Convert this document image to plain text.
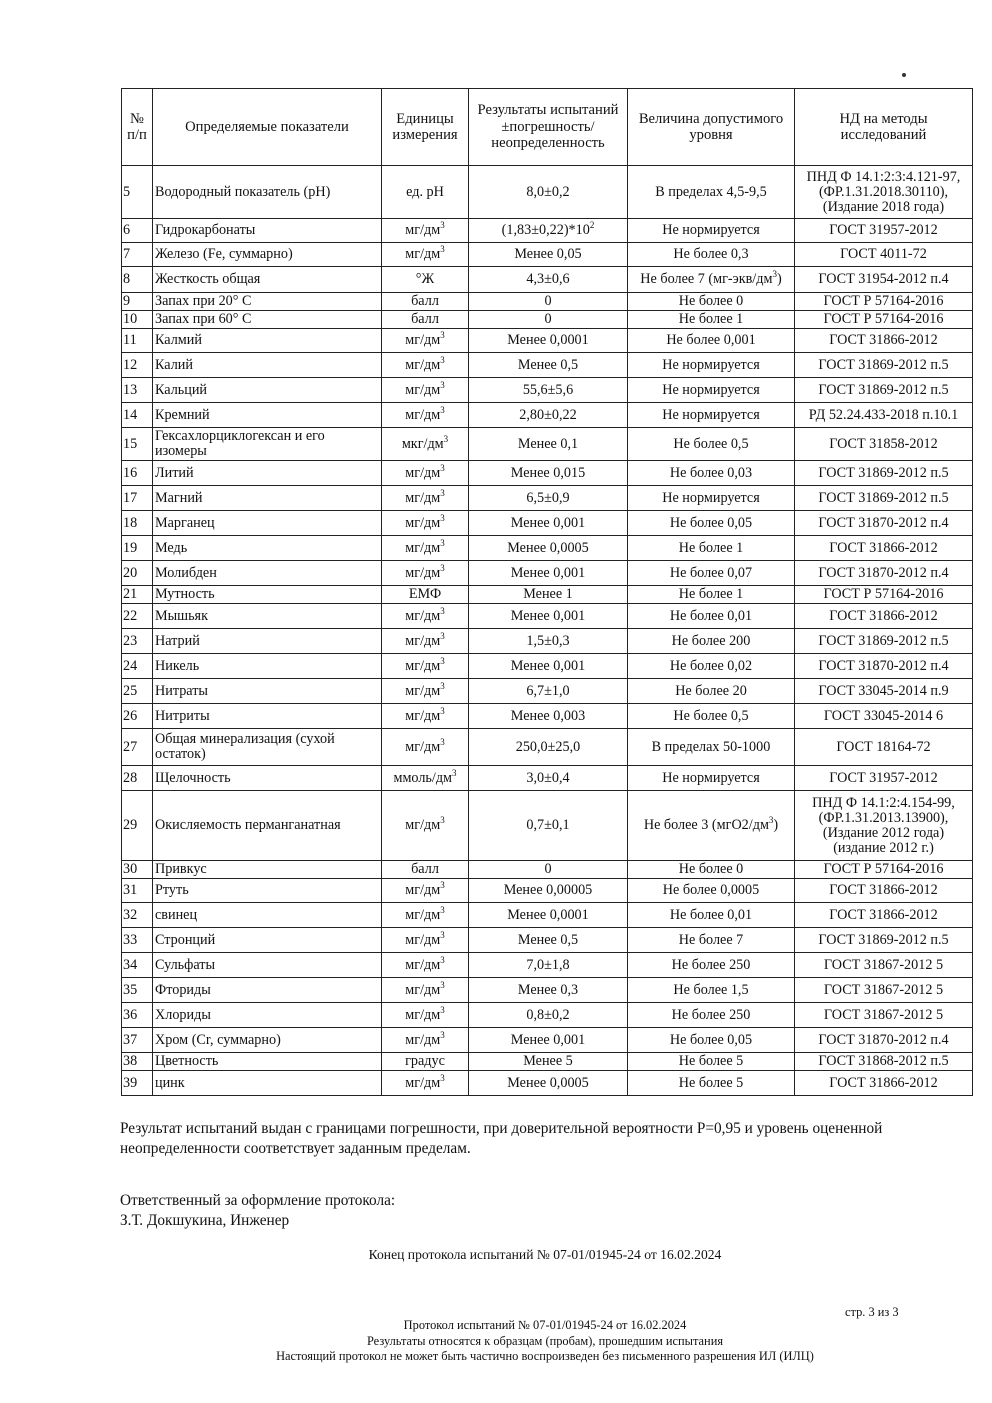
№ п/п	Определяемые показатели	Единицы измерения	Результаты испытаний ±погрешность/ неопределенность	Величина допустимого уровня	НД на методы исследований
5	Водородный показатель (pH)	ед. pH	8,0±0,2	В пределах 4,5-9,5	ПНД Ф 14.1:2:3:4.121-97, (ФР.1.31.2018.30110), (Издание 2018 года)
6	Гидрокарбонаты	$мг/дм^3$	$(1,83\pm 0,22)*10^2$	Не нормируется	ГОСТ 31957-2012
7	Железо (Fe, суммарно)	$мг/дм^3$	Менее 0,05	Не более 0,3	ГОСТ 4011-72
8	Жесткость общая	°Ж	4,3±0,6	Не более 7 $(мг-экв/дм^3)$	ГОСТ 31954-2012 п.4
9	Запах при 20° С	балл	0	Не более 0	ГОСТ Р 57164-2016
10	Запах при 60° С	балл	0	Не более 1	ГОСТ Р 57164-2016
11	Калмий	$мг/дм^3$	Менее 0,0001	Не более 0,001	ГОСТ 31866-2012
12	Калий	$мг/дм^3$	Менее 0,5	Не нормируется	ГОСТ 31869-2012 п.5
13	Кальций	$мг/дм^3$	55,6±5,6	Не нормируется	ГОСТ 31869-2012 п.5
14	Кремний	$мг/дм^3$	2,80±0,22	Не нормируется	РД 52.24.433-2018 п.10.1
15	Гексахлорциклогексан и его изомеры	мкг/$дм^3$	Менее 0,1	Не более 0,5	ГОСТ 31858-2012
16	Литий	$мг/дм^3$	Менее 0,015	Не более 0,03	ГОСТ 31869-2012 п.5
17	Магний	$мг/дм^3$	6,5±0,9	Не нормируется	ГОСТ 31869-2012 п.5
18	Марганец	$мг/дм^3$	Менее 0,001	Не более 0,05	ГОСТ 31870-2012 п.4
19	Медь	$мг/дм^3$	Менее 0,0005	Не более 1	ГОСТ 31866-2012
20	Молибден	$мг/дм^3$	Менее 0,001	Не более 0,07	ГОСТ 31870-2012 п.4
21	Мутность	ЕМФ	Менее 1	Не более 1	ГОСТ Р 57164-2016
22	Мышьяк	$мг/дм^3$	Менее 0,001	Не более 0,01	ГОСТ 31866-2012
23	Натрий	$мг/дм^3$	1,5±0,3	Не более 200	ГОСТ 31869-2012 п.5
24	Никель	$мг/дм^3$	Менее 0,001	Не более 0,02	ГОСТ 31870-2012 п.4
25	Нитраты	$мг/дм^3$	6,7±1,0	Не более 20	ГОСТ 33045-2014 п.9
26	Нитриты	$мг/дм^3$	Менее 0,003	Не более 0,5	ГОСТ 33045-2014 6
27	Общая минерализация (сухой остаток)	$мг/дм^3$	250,0±25,0	В пределах 50-1000	ГОСТ 18164-72
28	Щелочность	ммоль/$дм^3$	3,0±0,4	Не нормируется	ГОСТ 31957-2012
29	Окисляемость перманганатная	$мг/дм^3$	0,7±0,1	Не более 3 $(мгО2/дм^3)$	ПНД Ф 14.1:2:4.154-99, (ФР.1.31.2013.13900), (Издание 2012 года) (издание 2012 г.)
30	Привкус	балл	0	Не более 0	ГОСТ Р 57164-2016
31	Ртуть	$мг/дм^3$	Менее 0,00005	Не более 0,0005	ГОСТ 31866-2012
32	свинец	$мг/дм^3$	Менее 0,0001	Не более 0,01	ГОСТ 31866-2012
33	Стронций	$мг/дм^3$	Менее 0,5	Не более 7	ГОСТ 31869-2012 п.5
34	Сульфаты	$мг/дм^3$	7,0±1,8	Не более 250	ГОСТ 31867-2012 5
35	Фториды	$мг/дм^3$	Менее 0,3	Не более 1,5	ГОСТ 31867-2012 5
36	Хлориды	$мг/дм^3$	0,8±0,2	Не более 250	ГОСТ 31867-2012 5
37	Хром (Cr, суммарно)	$мг/дм^3$	Менее 0,001	Не более 0,05	ГОСТ 31870-2012 п.4
38	Цветность	градус	Менее 5	Не более 5	ГОСТ 31868-2012 п.5
39	цинк	$мг/дм^3$	Менее 0,0005	Не более 5	ГОСТ 31866-2012
Результат испытаний выдан с границами погрешности, при доверительной вероятности P=0,95 и уровень оцененной неопределенности соответствует заданным пределам.
Ответственный за оформление протокола:
З.Т. Докшукина, Инженер
Конец протокола испытаний № 07-01/01945-24 от 16.02.2024
стр. 3 из 3
Протокол испытаний № 07-01/01945-24 от 16.02.2024
Результаты относятся к образцам (пробам), прошедшим испытания
Настоящий протокол не может быть частично воспроизведен без письменного разрешения ИЛ (ИЛЦ)
